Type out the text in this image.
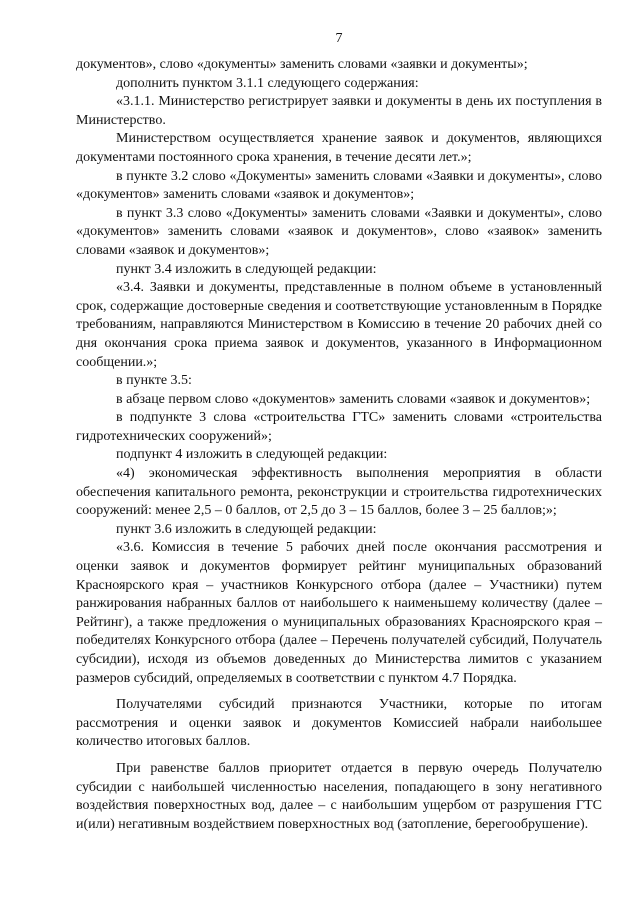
7

документов», слово «документы» заменить словами «заявки и документы»;

дополнить пунктом 3.1.1 следующего содержания:

«3.1.1. Министерство регистрирует заявки и документы в день их поступления в Министерство.

Министерством осуществляется хранение заявок и документов, являющихся документами постоянного срока хранения, в течение десяти лет.»;

в пункте 3.2 слово «Документы» заменить словами «Заявки и документы», слово «документов» заменить словами «заявок и документов»;

в пункт 3.3 слово «Документы» заменить словами «Заявки и документы», слово «документов» заменить словами «заявок и документов», слово «заявок» заменить словами «заявок и документов»;

пункт 3.4 изложить в следующей редакции:

«3.4. Заявки и документы, представленные в полном объеме в установленный срок, содержащие достоверные сведения и соответствующие установленным в Порядке требованиям, направляются Министерством в Комиссию в течение 20 рабочих дней со дня окончания срока приема заявок и документов, указанного в Информационном сообщении.»;

в пункте 3.5:

в абзаце первом слово «документов» заменить словами «заявок и документов»;

в подпункте 3 слова «строительства ГТС» заменить словами «строительства гидротехнических сооружений»;

подпункт 4 изложить в следующей редакции:

«4) экономическая эффективность выполнения мероприятия в области обеспечения капитального ремонта, реконструкции и строительства гидротехнических сооружений: менее 2,5 – 0 баллов, от 2,5 до 3 – 15 баллов, более 3 – 25 баллов;»;

пункт 3.6 изложить в следующей редакции:

«3.6. Комиссия в течение 5 рабочих дней после окончания рассмотрения и оценки заявок и документов формирует рейтинг муниципальных образований Красноярского края – участников Конкурсного отбора (далее – Участники) путем ранжирования набранных баллов от наибольшего к наименьшему количеству (далее – Рейтинг), а также предложения о муниципальных образованиях Красноярского края – победителях Конкурсного отбора (далее – Перечень получателей субсидий, Получатель субсидии), исходя из объемов доведенных до Министерства лимитов с указанием размеров субсидий, определяемых в соответствии с пунктом 4.7 Порядка.

Получателями субсидий признаются Участники, которые по итогам рассмотрения и оценки заявок и документов Комиссией набрали наибольшее количество итоговых баллов.

При равенстве баллов приоритет отдается в первую очередь Получателю субсидии с наибольшей численностью населения, попадающего в зону негативного воздействия поверхностных вод, далее – с наибольшим ущербом от разрушения ГТС и(или) негативным воздействием поверхностных вод (затопление, берегообрушение).
